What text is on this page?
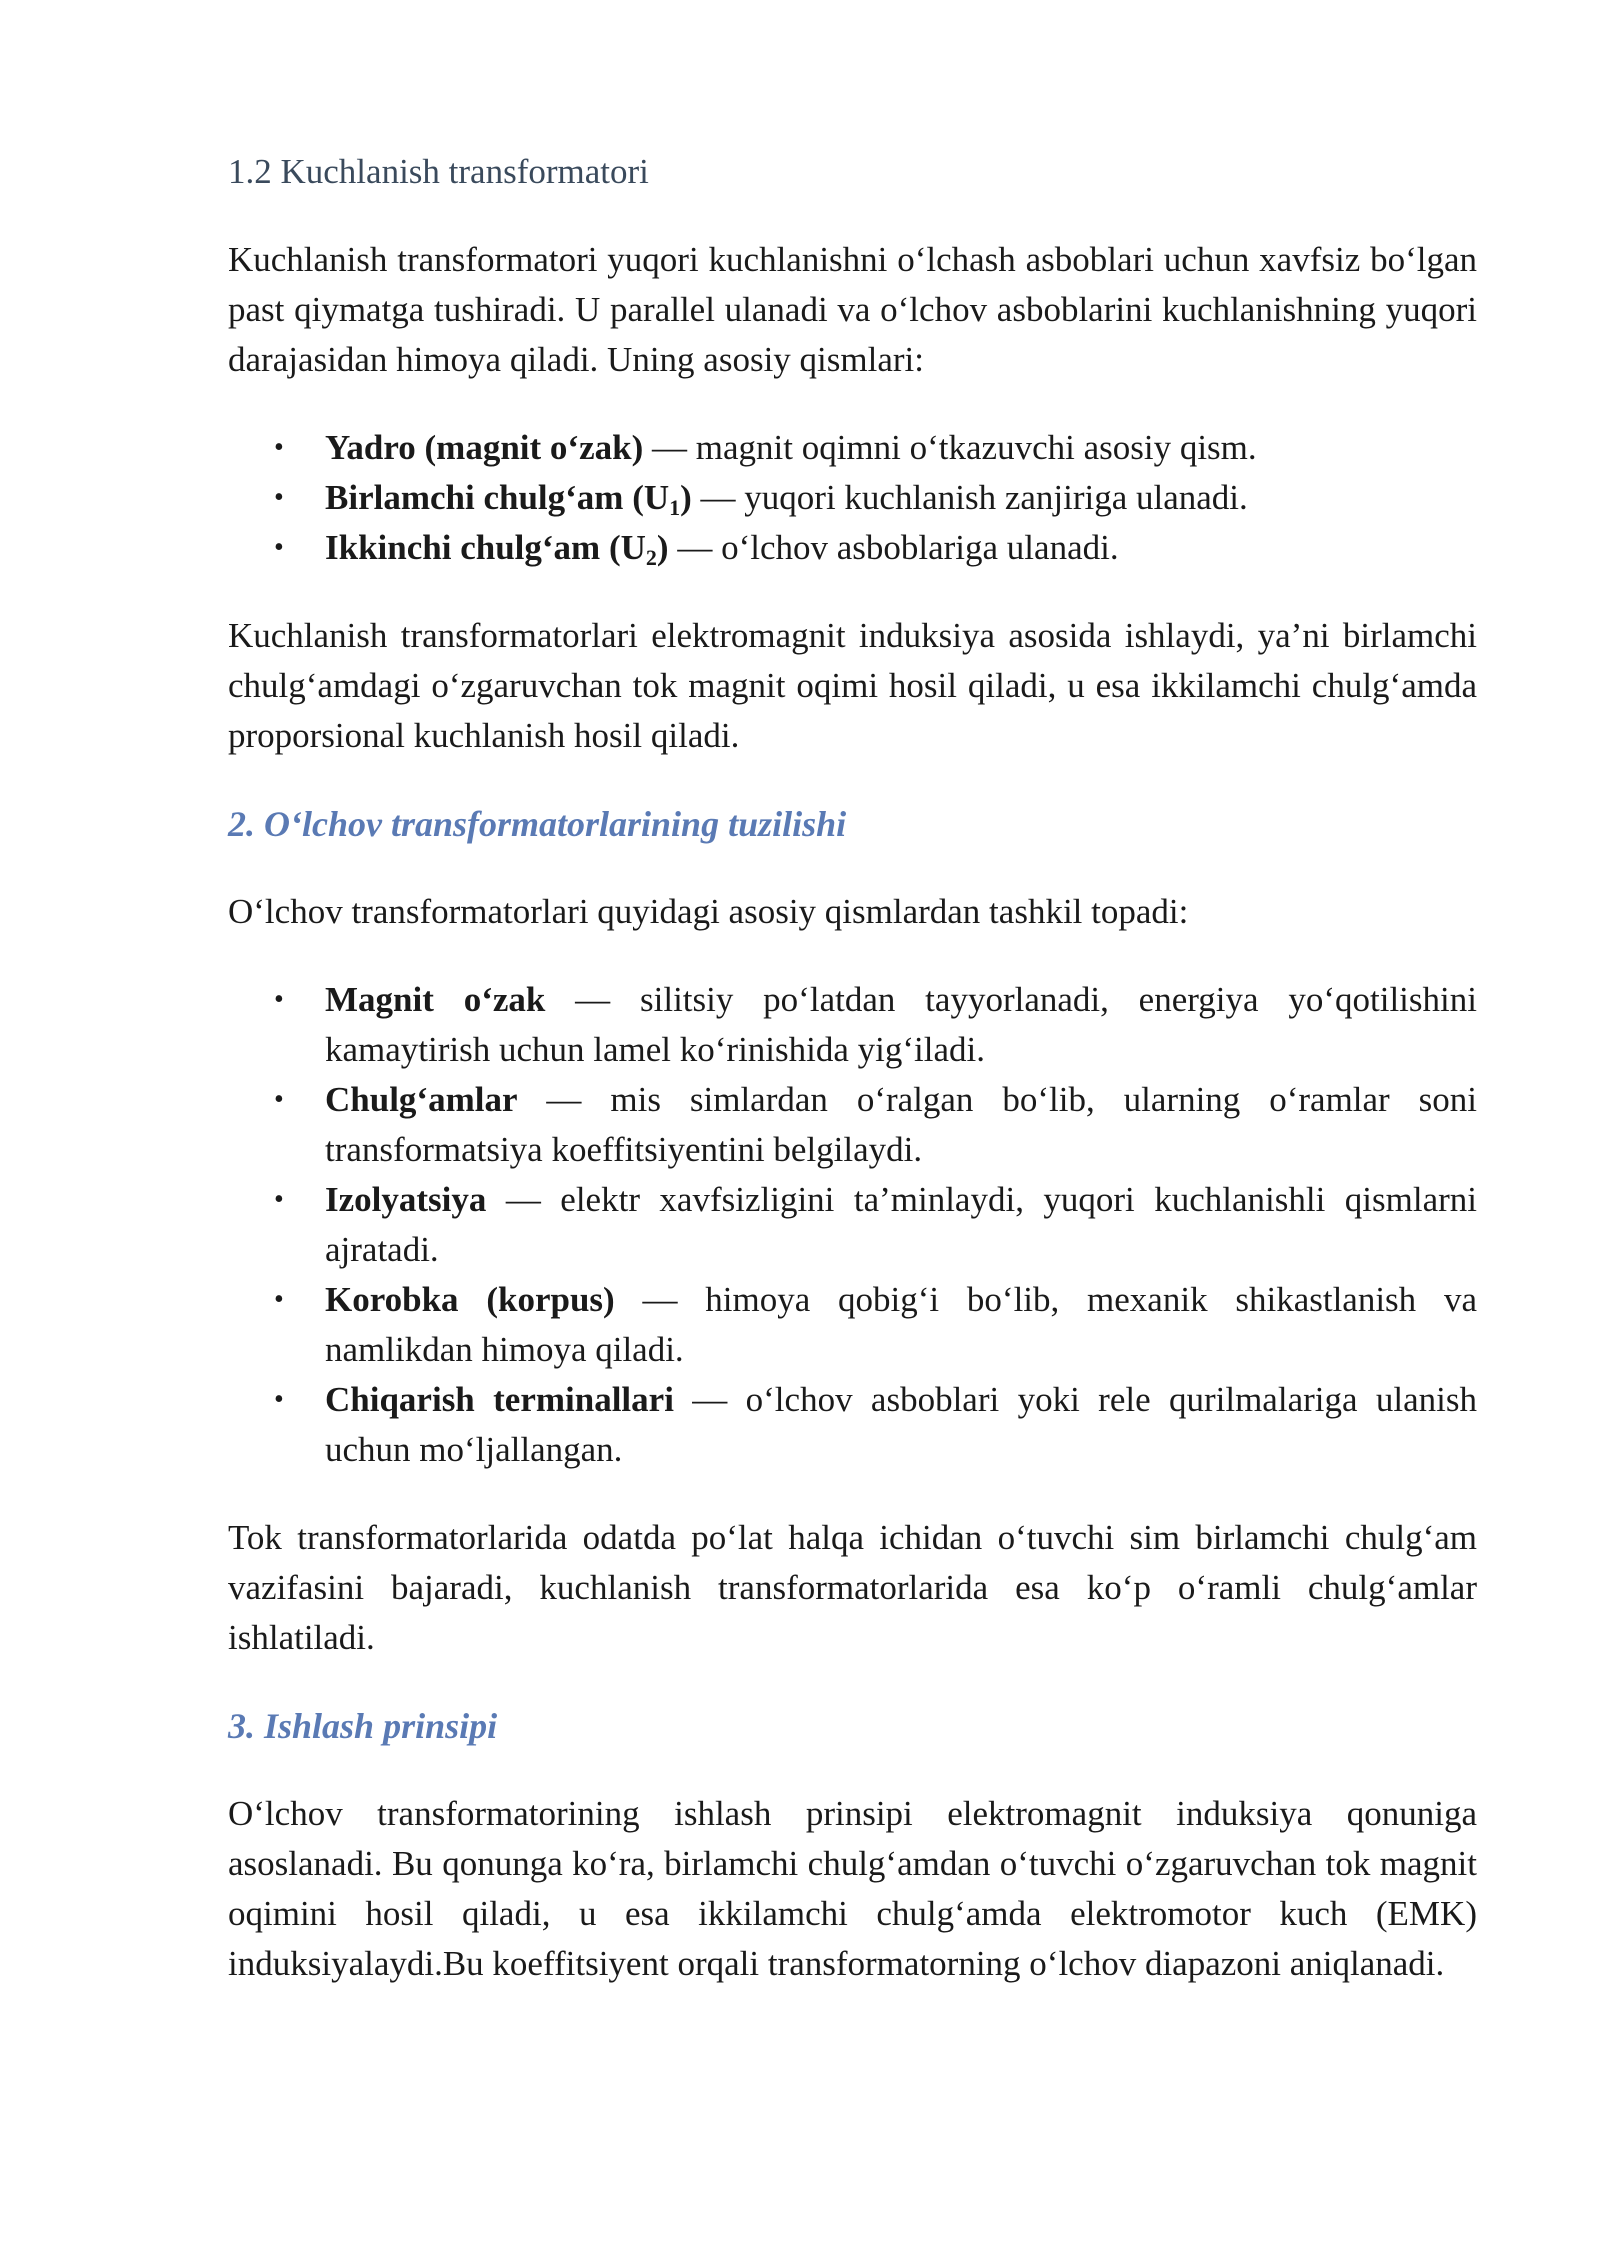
1.2 Kuchlanish transformatori

Kuchlanish transformatori yuqori kuchlanishni o‘lchash asboblari uchun xavfsiz bo‘lgan past qiymatga tushiradi. U parallel ulanadi va o‘lchov asboblarini kuchlanishning yuqori darajasidan himoya qiladi. Uning asosiy qismlari:

• Yadro (magnit o‘zak) — magnit oqimni o‘tkazuvchi asosiy qism.
• Birlamchi chulg‘am $(U_1)$ — yuqori kuchlanish zanjiriga ulanadi.
• Ikkinchi chulg‘am $(U_2)$ — o‘lchov asboblariga ulanadi.

Kuchlanish transformatorlari elektromagnit induksiya asosida ishlaydi, ya’ni birlamchi chulg‘amdagi o‘zgaruvchan tok magnit oqimi hosil qiladi, u esa ikkilamchi chulg‘amda proporsional kuchlanish hosil qiladi.

2. O‘lchov transformatorlarining tuzilishi

O‘lchov transformatorlari quyidagi asosiy qismlardan tashkil topadi:

• Magnit o‘zak — silitsiy po‘latdan tayyorlanadi, energiya yo‘qotilishini kamaytirish uchun lamel ko‘rinishida yig‘iladi.
• Chulg‘amlar — mis simlardan o‘ralgan bo‘lib, ularning o‘ramlar soni transformatsiya koeffitsiyentini belgilaydi.
• Izolyatsiya — elektr xavfsizligini ta’minlaydi, yuqori kuchlanishli qismlarni ajratadi.
• Korobka (korpus) — himoya qobig‘i bo‘lib, mexanik shikastlanish va namlikdan himoya qiladi.
• Chiqarish terminallari — o‘lchov asboblari yoki rele qurilmalariga ulanish uchun mo‘ljallangan.

Tok transformatorlarida odatda po‘lat halqa ichidan o‘tuvchi sim birlamchi chulg‘am vazifasini bajaradi, kuchlanish transformatorlarida esa ko‘p o‘ramli chulg‘amlar ishlatiladi.

3. Ishlash prinsipi

O‘lchov transformatorining ishlash prinsipi elektromagnit induksiya qonuniga asoslanadi. Bu qonunga ko‘ra, birlamchi chulg‘amdan o‘tuvchi o‘zgaruvchan tok magnit oqimini hosil qiladi, u esa ikkilamchi chulg‘amda elektromotor kuch (EMK) induksiyalaydi.Bu koeffitsiyent orqali transformatorning o‘lchov diapazoni aniqlanadi.
